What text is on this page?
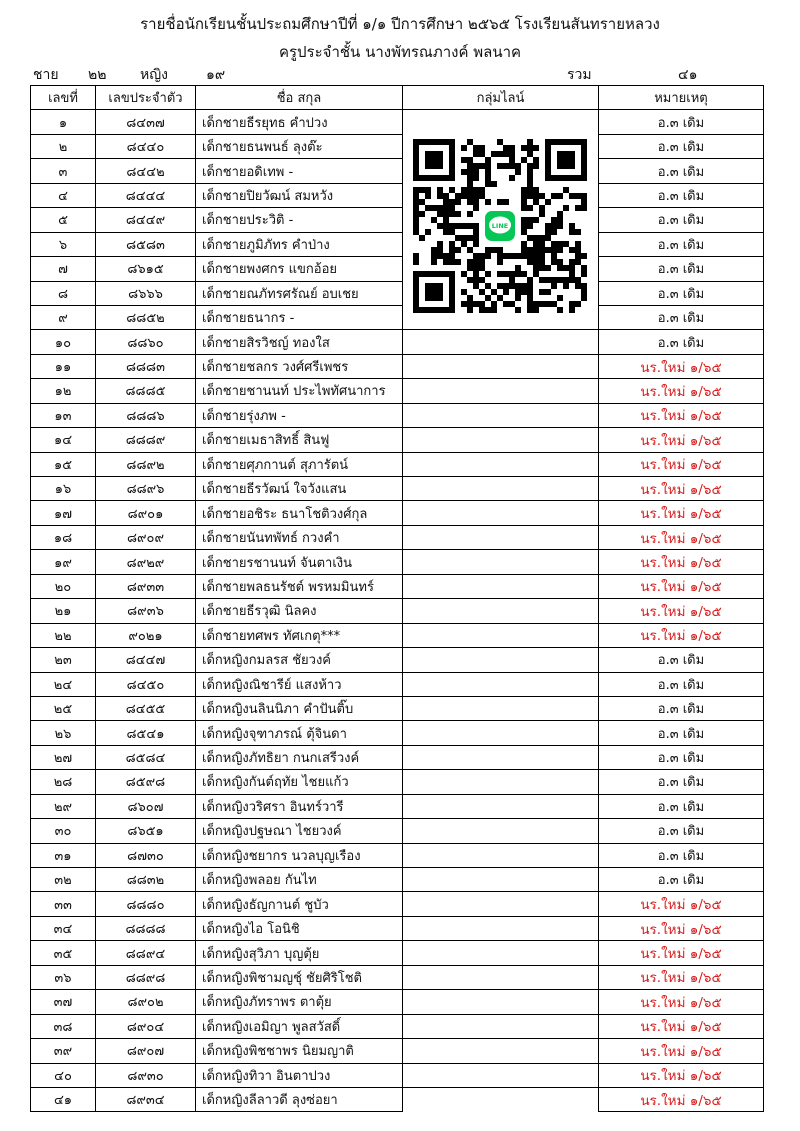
รายชื่อนักเรียนชั้นประถมศึกษาปีที่ ๑/๑ ปีการศึกษา ๒๕๖๕ โรงเรียนสันทรายหลวง
ครูประจำชั้น นางพัทรณภางค์ พลนาค
ชาย ๒๒ หญิง	๑๙	รวม	๔๑
เลขที่	เลขประจำตัว	ชื่อ สกุล	กลุ่มไลน์	หมายเหตุ
๑	๘๔๓๗	เด็กชายธีรยุทธ คำปวง		อ.๓ เดิม
๒	๘๔๔๐	เด็กชายธนพนธ์ ลุงต๊ะ		อ.๓ เดิม
๓	๘๔๔๒	เด็กชายอดิเทพ -		อ.๓ เดิม
๔	๘๔๔๔	เด็กชายปิยวัฒน์ สมหวัง		อ.๓ เดิม
๕	๘๔๔๙	เด็กชายประวิติ -		อ.๓ เดิม
๖	๘๕๘๓	เด็กชายภูมิภัทร คำป่าง		อ.๓ เดิม
๗	๘๖๑๕	เด็กชายพงศกร แขกอ้อย		อ.๓ เดิม
๘	๘๖๖๖	เด็กชายณภัทรศรัณย์ อบเชย		อ.๓ เดิม
๙	๘๘๕๒	เด็กชายธนากร -		อ.๓ เดิม
๑๐	๘๘๖๐	เด็กชายสิรวิชญ์ ทองใส		อ.๓ เดิม
๑๑	๘๘๘๓	เด็กชายชลกร วงศ์ศรีเพชร		นร.ใหม่ ๑/๖๕
๑๒	๘๘๘๕	เด็กชายชานนท์ ประไพทัศนาการ		นร.ใหม่ ๑/๖๕
๑๓	๘๘๘๖	เด็กชายรุ่งภพ -		นร.ใหม่ ๑/๖๕
๑๔	๘๘๘๙	เด็กชายเมธาสิทธิ์ สินฟู		นร.ใหม่ ๑/๖๕
๑๕	๘๘๙๒	เด็กชายศุภกานต์ สุภารัตน์		นร.ใหม่ ๑/๖๕
๑๖	๘๘๙๖	เด็กชายธีรวัฒน์ ใจวังแสน		นร.ใหม่ ๑/๖๕
๑๗	๘๙๐๑	เด็กชายอชิระ ธนาโชติวงศ์กุล		นร.ใหม่ ๑/๖๕
๑๘	๘๙๐๙	เด็กชายนันทพัทธ์ กวงคำ		นร.ใหม่ ๑/๖๕
๑๙	๘๙๒๙	เด็กชายรชานนท์ จันตาเงิน		นร.ใหม่ ๑/๖๕
๒๐	๘๙๓๓	เด็กชายพลธนรัชต์ พรหมมินทร์		นร.ใหม่ ๑/๖๕
๒๑	๘๙๓๖	เด็กชายธีรวุฒิ นิลคง		นร.ใหม่ ๑/๖๕
๒๒	๙๐๒๑	เด็กชายทศพร ทัศเกตุ***		นร.ใหม่ ๑/๖๕
๒๓	๘๔๔๗	เด็กหญิงกมลรส ชัยวงค์		อ.๓ เดิม
๒๔	๘๔๕๐	เด็กหญิงณิชารีย์ แสงห้าว		อ.๓ เดิม
๒๕	๘๔๕๕	เด็กหญิงนลินนิภา คำปันติ๊บ		อ.๓ เดิม
๒๖	๘๕๔๑	เด็กหญิงจุฑาภรณ์ ตุ้จินดา		อ.๓ เดิม
๒๗	๘๕๘๔	เด็กหญิงภัทธิยา กนกเสรีวงค์		อ.๓ เดิม
๒๘	๘๕๙๘	เด็กหญิงกันต์ฤทัย ไชยแก้ว		อ.๓ เดิม
๒๙	๘๖๐๗	เด็กหญิงวริศรา อินทร์วารี		อ.๓ เดิม
๓๐	๘๖๕๑	เด็กหญิงปฐษณา ไชยวงค์		อ.๓ เดิม
๓๑	๘๗๓๐	เด็กหญิงชยากร นวลบุญเรือง		อ.๓ เดิม
๓๒	๘๘๓๒	เด็กหญิงพลอย กันไท		อ.๓ เดิม
๓๓	๘๘๘๐	เด็กหญิงธัญกานต์ ชูบัว		นร.ใหม่ ๑/๖๕
๓๔	๘๘๘๘	เด็กหญิงไอ โอนิชิ		นร.ใหม่ ๑/๖๕
๓๕	๘๘๙๔	เด็กหญิงสุวิภา บุญตุ้ย		นร.ใหม่ ๑/๖๕
๓๖	๘๘๙๘	เด็กหญิงพิชามญชุ์ ชัยศิริโชติ		นร.ใหม่ ๑/๖๕
๓๗	๘๙๐๒	เด็กหญิงภัทราพร ตาตุ้ย		นร.ใหม่ ๑/๖๕
๓๘	๘๙๐๔	เด็กหญิงเอมิญา พูลสวัสดิ์		นร.ใหม่ ๑/๖๕
๓๙	๘๙๐๗	เด็กหญิงพิชชาพร นิยมญาติ		นร.ใหม่ ๑/๖๕
๔๐	๘๙๓๐	เด็กหญิงทิวา อินตาปวง		นร.ใหม่ ๑/๖๕
๔๑	๘๙๓๔	เด็กหญิงลีลาวดี ลุงซ่อยา		นร.ใหม่ ๑/๖๕
LINE
